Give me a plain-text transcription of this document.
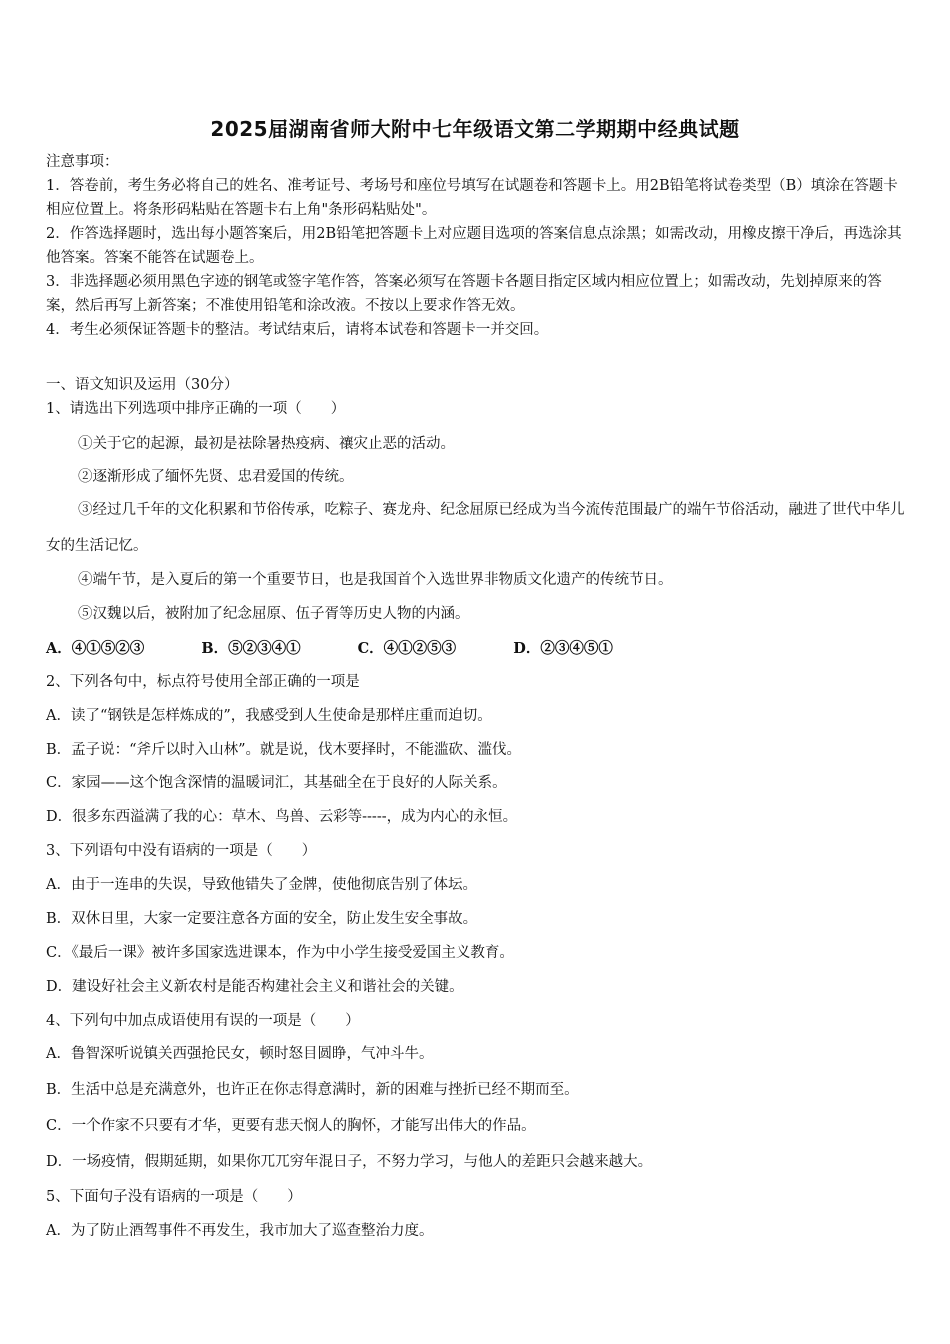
2025届湖南省师大附中七年级语文第二学期期中经典试题

注意事项：

1．答卷前，考生务必将自己的姓名、准考证号、考场号和座位号填写在试题卷和答题卡上。用2B铅笔将试卷类型（B）填涂在答题卡相应位置上。将条形码粘贴在答题卡右上角"条形码粘贴处"。

2．作答选择题时，选出每小题答案后，用2B铅笔把答题卡上对应题目选项的答案信息点涂黑；如需改动，用橡皮擦干净后，再选涂其他答案。答案不能答在试题卷上。

3．非选择题必须用黑色字迹的钢笔或签字笔作答，答案必须写在答题卡各题目指定区域内相应位置上；如需改动，先划掉原来的答案，然后再写上新答案；不准使用铅笔和涂改液。不按以上要求作答无效。

4．考生必须保证答题卡的整洁。考试结束后，请将本试卷和答题卡一并交回。

一、语文知识及运用（30分）
1、请选出下列选项中排序正确的一项（　　）
①关于它的起源，最初是祛除暑热疫病、禳灾止恶的活动。
②逐渐形成了缅怀先贤、忠君爱国的传统。
③经过几千年的文化积累和节俗传承，吃粽子、赛龙舟、纪念屈原已经成为当今流传范围最广的端午节俗活动，融进了世代中华儿女的生活记忆。
④端午节，是入夏后的第一个重要节日，也是我国首个入选世界非物质文化遗产的传统节日。
⑤汉魏以后，被附加了纪念屈原、伍子胥等历史人物的内涵。
A．④①⑤②③	B．⑤②③④①	C．④①②⑤③	D．②③④⑤①
2、下列各句中，标点符号使用全部正确的一项是
A．读了“钢铁是怎样炼成的”，我感受到人生使命是那样庄重而迫切。
B．孟子说：“斧斤以时入山林”。就是说，伐木要择时，不能滥砍、滥伐。
C．家园——这个饱含深情的温暖词汇，其基础全在于良好的人际关系。
D．很多东西溢满了我的心：草木、鸟兽、云彩等-----，成为内心的永恒。
3、下列语句中没有语病的一项是（　　）
A．由于一连串的失误，导致他错失了金牌，使他彻底告别了体坛。
B．双休日里，大家一定要注意各方面的安全，防止发生安全事故。
C．《最后一课》被许多国家选进课本，作为中小学生接受爱国主义教育。
D．建设好社会主义新农村是能否构建社会主义和谐社会的关键。
4、下列句中加点成语使用有误的一项是（　　）
A．鲁智深听说镇关西强抢民女，顿时怒目圆睁，气冲斗牛。
B．生活中总是充满意外，也许正在你志得意满时，新的困难与挫折已经不期而至。
C．一个作家不只要有才华，更要有悲天悯人的胸怀，才能写出伟大的作品。
D．一场疫情，假期延期，如果你兀兀穷年混日子，不努力学习，与他人的差距只会越来越大。
5、下面句子没有语病的一项是（　　）
A．为了防止酒驾事件不再发生，我市加大了巡查整治力度。
